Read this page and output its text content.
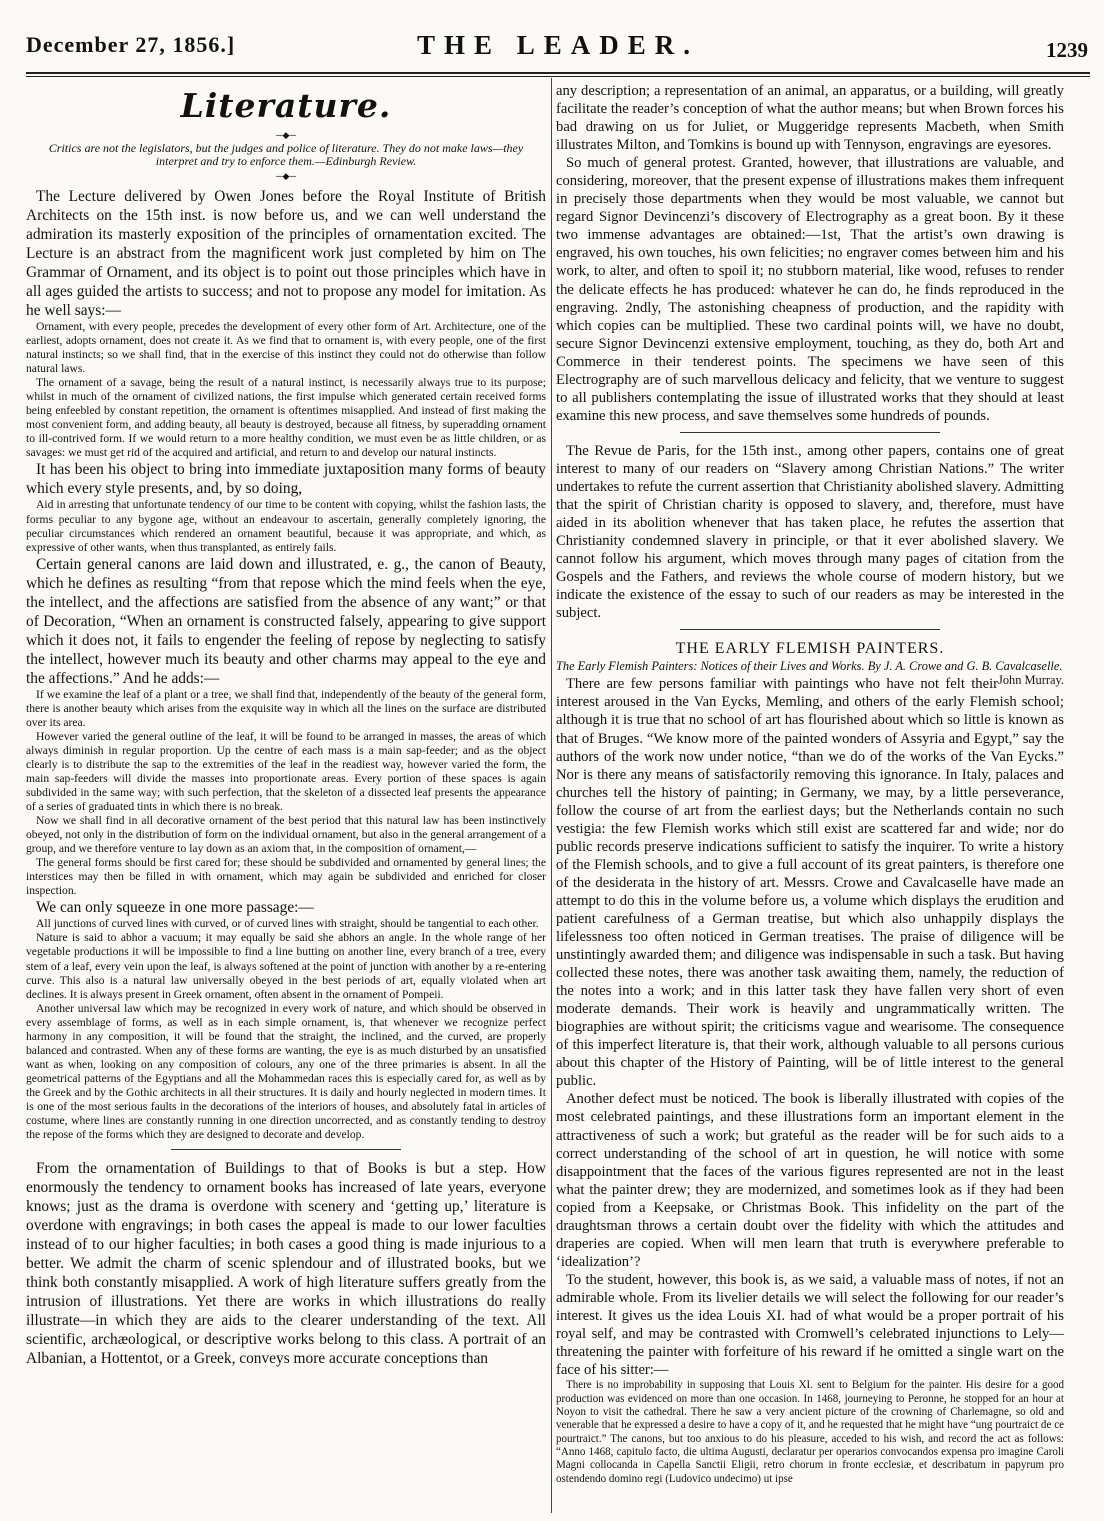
December 27, 1856.]	THE LEADER.	1239
Literature.
─◆─
Critics are not the legislators, but the judges and police of literature. They do not make laws—they interpret and try to enforce them.—Edinburgh Review.
─◆─

The Lecture delivered by Owen Jones before the Royal Institute of British Architects on the 15th inst. is now before us, and we can well understand the admiration its masterly exposition of the principles of ornamentation excited. The Lecture is an abstract from the magnificent work just completed by him on The Grammar of Ornament, and its object is to point out those principles which have in all ages guided the artists to success; and not to propose any model for imitation. As he well says:—

Ornament, with every people, precedes the development of every other form of Art. Architecture, one of the earliest, adopts ornament, does not create it. As we find that to ornament is, with every people, one of the first natural instincts; so we shall find, that in the exercise of this instinct they could not do otherwise than follow natural laws.

The ornament of a savage, being the result of a natural instinct, is necessarily always true to its purpose; whilst in much of the ornament of civilized nations, the first impulse which generated certain received forms being enfeebled by constant repetition, the ornament is oftentimes misapplied. And instead of first making the most convenient form, and adding beauty, all beauty is destroyed, because all fitness, by superadding ornament to ill-contrived form. If we would return to a more healthy condition, we must even be as little children, or as savages: we must get rid of the acquired and artificial, and return to and develop our natural instincts.

It has been his object to bring into immediate juxtaposition many forms of beauty which every style presents, and, by so doing,

Aid in arresting that unfortunate tendency of our time to be content with copying, whilst the fashion lasts, the forms peculiar to any bygone age, without an endeavour to ascertain, generally completely ignoring, the peculiar circumstances which rendered an ornament beautiful, because it was appropriate, and which, as expressive of other wants, when thus transplanted, as entirely fails.

Certain general canons are laid down and illustrated, e. g., the canon of Beauty, which he defines as resulting “from that repose which the mind feels when the eye, the intellect, and the affections are satisfied from the absence of any want;” or that of Decoration, “When an ornament is constructed falsely, appearing to give support which it does not, it fails to engender the feeling of repose by neglecting to satisfy the intellect, however much its beauty and other charms may appeal to the eye and the affections.” And he adds:—

If we examine the leaf of a plant or a tree, we shall find that, independently of the beauty of the general form, there is another beauty which arises from the exquisite way in which all the lines on the surface are distributed over its area.

However varied the general outline of the leaf, it will be found to be arranged in masses, the areas of which always diminish in regular proportion. Up the centre of each mass is a main sap-feeder; and as the object clearly is to distribute the sap to the extremities of the leaf in the readiest way, however varied the form, the main sap-feeders will divide the masses into proportionate areas. Every portion of these spaces is again subdivided in the same way; with such perfection, that the skeleton of a dissected leaf presents the appearance of a series of graduated tints in which there is no break.

Now we shall find in all decorative ornament of the best period that this natural law has been instinctively obeyed, not only in the distribution of form on the individual ornament, but also in the general arrangement of a group, and we therefore venture to lay down as an axiom that, in the composition of ornament,—

The general forms should be first cared for; these should be subdivided and ornamented by general lines; the interstices may then be filled in with ornament, which may again be subdivided and enriched for closer inspection.

We can only squeeze in one more passage:—

All junctions of curved lines with curved, or of curved lines with straight, should be tangential to each other.

Nature is said to abhor a vacuum; it may equally be said she abhors an angle. In the whole range of her vegetable productions it will be impossible to find a line butting on another line, every branch of a tree, every stem of a leaf, every vein upon the leaf, is always softened at the point of junction with another by a re-entering curve. This also is a natural law universally obeyed in the best periods of art, equally violated when art declines. It is always present in Greek ornament, often absent in the ornament of Pompeii.

Another universal law which may be recognized in every work of nature, and which should be observed in every assemblage of forms, as well as in each simple ornament, is, that whenever we recognize perfect harmony in any composition, it will be found that the straight, the inclined, and the curved, are properly balanced and contrasted. When any of these forms are wanting, the eye is as much disturbed by an unsatisfied want as when, looking on any composition of colours, any one of the three primaries is absent. In all the geometrical patterns of the Egyptians and all the Mohammedan races this is especially cared for, as well as by the Greek and by the Gothic architects in all their structures. It is daily and hourly neglected in modern times. It is one of the most serious faults in the decorations of the interiors of houses, and absolutely fatal in articles of costume, where lines are constantly running in one direction uncorrected, and as constantly tending to destroy the repose of the forms which they are designed to decorate and develop.

From the ornamentation of Buildings to that of Books is but a step. How enormously the tendency to ornament books has increased of late years, everyone knows; just as the drama is overdone with scenery and ‘getting up,’ literature is overdone with engravings; in both cases the appeal is made to our lower faculties instead of to our higher faculties; in both cases a good thing is made injurious to a better. We admit the charm of scenic splendour and of illustrated books, but we think both constantly misapplied. A work of high literature suffers greatly from the intrusion of illustrations. Yet there are works in which illustrations do really illustrate—in which they are aids to the clearer understanding of the text. All scientific, archæological, or descriptive works belong to this class. A portrait of an Albanian, a Hottentot, or a Greek, conveys more accurate conceptions than

any description; a representation of an animal, an apparatus, or a building, will greatly facilitate the reader’s conception of what the author means; but when Brown forces his bad drawing on us for Juliet, or Muggeridge represents Macbeth, when Smith illustrates Milton, and Tomkins is bound up with Tennyson, engravings are eyesores.

So much of general protest. Granted, however, that illustrations are valuable, and considering, moreover, that the present expense of illustrations makes them infrequent in precisely those departments when they would be most valuable, we cannot but regard Signor Devincenzi’s discovery of Electrography as a great boon. By it these two immense advantages are obtained:—1st, That the artist’s own drawing is engraved, his own touches, his own felicities; no engraver comes between him and his work, to alter, and often to spoil it; no stubborn material, like wood, refuses to render the delicate effects he has produced: whatever he can do, he finds reproduced in the engraving. 2ndly, The astonishing cheapness of production, and the rapidity with which copies can be multiplied. These two cardinal points will, we have no doubt, secure Signor Devincenzi extensive employment, touching, as they do, both Art and Commerce in their tenderest points. The specimens we have seen of this Electrography are of such marvellous delicacy and felicity, that we venture to suggest to all publishers contemplating the issue of illustrated works that they should at least examine this new process, and save themselves some hundreds of pounds.

The Revue de Paris, for the 15th inst., among other papers, contains one of great interest to many of our readers on “Slavery among Christian Nations.” The writer undertakes to refute the current assertion that Christianity abolished slavery. Admitting that the spirit of Christian charity is opposed to slavery, and, therefore, must have aided in its abolition whenever that has taken place, he refutes the assertion that Christianity condemned slavery in principle, or that it ever abolished slavery. We cannot follow his argument, which moves through many pages of citation from the Gospels and the Fathers, and reviews the whole course of modern history, but we indicate the existence of the essay to such of our readers as may be interested in the subject.

THE EARLY FLEMISH PAINTERS.
The Early Flemish Painters: Notices of their Lives and Works. By J. A. Crowe and G. B. Cavalcaselle.
John Murray.

There are few persons familiar with paintings who have not felt their interest aroused in the Van Eycks, Memling, and others of the early Flemish school; although it is true that no school of art has flourished about which so little is known as that of Bruges. “We know more of the painted wonders of Assyria and Egypt,” say the authors of the work now under notice, “than we do of the works of the Van Eycks.” Nor is there any means of satisfactorily removing this ignorance. In Italy, palaces and churches tell the history of painting; in Germany, we may, by a little perseverance, follow the course of art from the earliest days; but the Netherlands contain no such vestigia: the few Flemish works which still exist are scattered far and wide; nor do public records preserve indications sufficient to satisfy the inquirer. To write a history of the Flemish schools, and to give a full account of its great painters, is therefore one of the desiderata in the history of art. Messrs. Crowe and Cavalcaselle have made an attempt to do this in the volume before us, a volume which displays the erudition and patient carefulness of a German treatise, but which also unhappily displays the lifelessness too often noticed in German treatises. The praise of diligence will be unstintingly awarded them; and diligence was indispensable in such a task. But having collected these notes, there was another task awaiting them, namely, the reduction of the notes into a work; and in this latter task they have fallen very short of even moderate demands. Their work is heavily and ungrammatically written. The biographies are without spirit; the criticisms vague and wearisome. The consequence of this imperfect literature is, that their work, although valuable to all persons curious about this chapter of the History of Painting, will be of little interest to the general public.

Another defect must be noticed. The book is liberally illustrated with copies of the most celebrated paintings, and these illustrations form an important element in the attractiveness of such a work; but grateful as the reader will be for such aids to a correct understanding of the school of art in question, he will notice with some disappointment that the faces of the various figures represented are not in the least what the painter drew; they are modernized, and sometimes look as if they had been copied from a Keepsake, or Christmas Book. This infidelity on the part of the draughtsman throws a certain doubt over the fidelity with which the attitudes and draperies are copied. When will men learn that truth is everywhere preferable to ‘idealization’?

To the student, however, this book is, as we said, a valuable mass of notes, if not an admirable whole. From its livelier details we will select the following for our reader’s interest. It gives us the idea Louis XI. had of what would be a proper portrait of his royal self, and may be contrasted with Cromwell’s celebrated injunctions to Lely—threatening the painter with forfeiture of his reward if he omitted a single wart on the face of his sitter:—

There is no improbability in supposing that Louis XI. sent to Belgium for the painter. His desire for a good production was evidenced on more than one occasion. In 1468, journeying to Peronne, he stopped for an hour at Noyon to visit the cathedral. There he saw a very ancient picture of the crowning of Charlemagne, so old and venerable that he expressed a desire to have a copy of it, and he requested that he might have “ung pourtraict de ce pourtraict.” The canons, but too anxious to do his pleasure, acceded to his wish, and record the act as follows: “Anno 1468, capitulo facto, die ultima Augusti, declaratur per operarios convocandos expensa pro imagine Caroli Magni collocanda in Capella Sanctii Eligii, retro chorum in fronte ecclesiæ, et describatum in papyrum pro ostendendo domino regi (Ludovico undecimo) ut ipse
